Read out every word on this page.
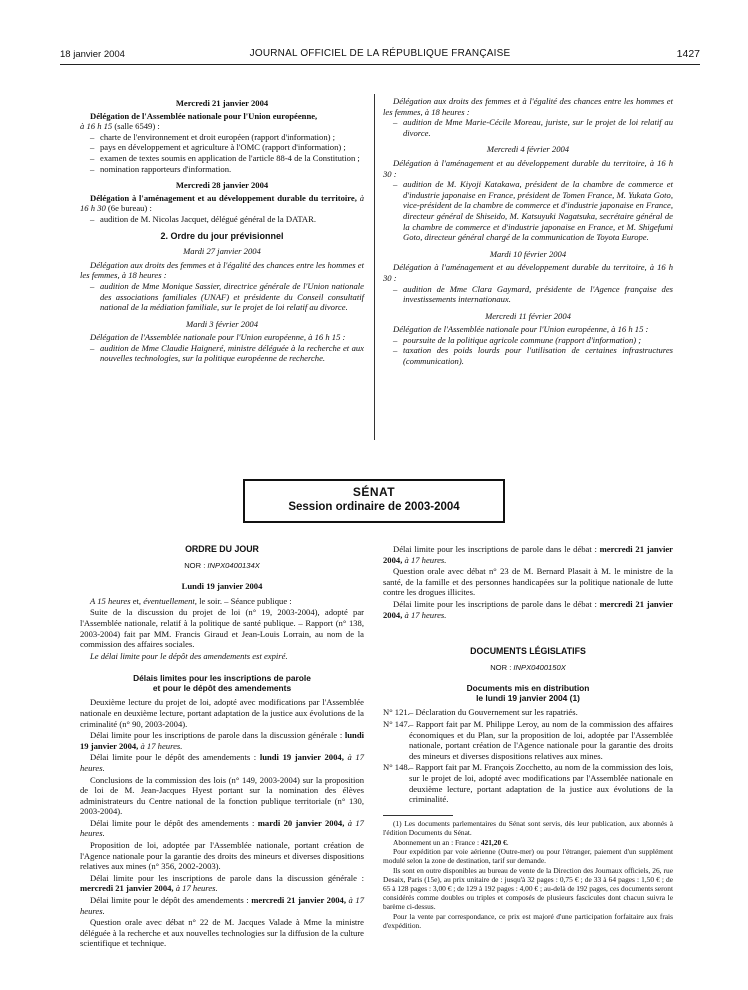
18 janvier 2004	JOURNAL OFFICIEL DE LA RÉPUBLIQUE FRANÇAISE	1427
Mercredi 21 janvier 2004
Délégation de l'Assemblée nationale pour l'Union européenne,
à 16 h 15 (salle 6549) :
– charte de l'environnement et droit européen (rapport d'information) ;
– pays en développement et agriculture à l'OMC (rapport d'information) ;
– examen de textes soumis en application de l'article 88-4 de la Constitution ;
– nomination rapporteurs d'information.
Mercredi 28 janvier 2004
Délégation à l'aménagement et au développement durable du territoire, à 16 h 30 (6e bureau) :
– audition de M. Nicolas Jacquet, délégué général de la DATAR.
2. Ordre du jour prévisionnel
Mardi 27 janvier 2004
Délégation aux droits des femmes et à l'égalité des chances entre les hommes et les femmes, à 18 heures :
– audition de Mme Monique Sassier, directrice générale de l'Union nationale des associations familiales (UNAF) et présidente du Conseil consultatif national de la médiation familiale, sur le projet de loi relatif au divorce.
Mardi 3 février 2004
Délégation de l'Assemblée nationale pour l'Union européenne, à 16 h 15 :
– audition de Mme Claudie Haigneré, ministre déléguée à la recherche et aux nouvelles technologies, sur la politique européenne de recherche.
Délégation aux droits des femmes et à l'égalité des chances entre les hommes et les femmes, à 18 heures :
– audition de Mme Marie-Cécile Moreau, juriste, sur le projet de loi relatif au divorce.
Mercredi 4 février 2004
Délégation à l'aménagement et au développement durable du territoire, à 16 h 30 :
– audition de M. Kiyoji Katakawa, président de la chambre de commerce et d'industrie japonaise en France, président de Tomen France, M. Yukata Goto, vice-président de la chambre de commerce et d'industrie japonaise en France, directeur général de Shiseido, M. Katsuyuki Nagatsuka, secrétaire général de la chambre de commerce et d'industrie japonaise en France, et M. Shigefumi Goto, directeur général chargé de la communication de Toyota Europe.
Mardi 10 février 2004
Délégation à l'aménagement et au développement durable du territoire, à 16 h 30 :
– audition de Mme Clara Gaymard, présidente de l'Agence française des investissements internationaux.
Mercredi 11 février 2004
Délégation de l'Assemblée nationale pour l'Union européenne, à 16 h 15 :
– poursuite de la politique agricole commune (rapport d'information) ;
– taxation des poids lourds pour l'utilisation de certaines infrastructures (communication).
SÉNAT
Session ordinaire de 2003-2004
ORDRE DU JOUR
NOR : INPX0400134X
Lundi 19 janvier 2004
A 15 heures et, éventuellement, le soir. – Séance publique :
Suite de la discussion du projet de loi (n° 19, 2003-2004), adopté par l'Assemblée nationale, relatif à la politique de santé publique. – Rapport (n° 138, 2003-2004) fait par MM. Francis Giraud et Jean-Louis Lorrain, au nom de la commission des affaires sociales.
Le délai limite pour le dépôt des amendements est expiré.
Délais limites pour les inscriptions de parole
et pour le dépôt des amendements
Deuxième lecture du projet de loi, adopté avec modifications par l'Assemblée nationale en deuxième lecture, portant adaptation de la justice aux évolutions de la criminalité (n° 90, 2003-2004).
Délai limite pour les inscriptions de parole dans la discussion générale : lundi 19 janvier 2004, à 17 heures.
Délai limite pour le dépôt des amendements : lundi 19 janvier 2004, à 17 heures.
Conclusions de la commission des lois (n° 149, 2003-2004) sur la proposition de loi de M. Jean-Jacques Hyest portant sur la nomination des élèves administrateurs du Centre national de la fonction publique territoriale (n° 130, 2003-2004).
Délai limite pour le dépôt des amendements : mardi 20 janvier 2004, à 17 heures.
Proposition de loi, adoptée par l'Assemblée nationale, portant création de l'Agence nationale pour la garantie des droits des mineurs et diverses dispositions relatives aux mines (n° 356, 2002-2003).
Délai limite pour les inscriptions de parole dans la discussion générale : mercredi 21 janvier 2004, à 17 heures.
Délai limite pour le dépôt des amendements : mercredi 21 janvier 2004, à 17 heures.
Question orale avec débat n° 22 de M. Jacques Valade à Mme la ministre déléguée à la recherche et aux nouvelles technologies sur la diffusion de la culture scientifique et technique.
Délai limite pour les inscriptions de parole dans le débat : mercredi 21 janvier 2004, à 17 heures.
Question orale avec débat n° 23 de M. Bernard Plasait à M. le ministre de la santé, de la famille et des personnes handicapées sur la politique nationale de lutte contre les drogues illicites.
Délai limite pour les inscriptions de parole dans le débat : mercredi 21 janvier 2004, à 17 heures.
DOCUMENTS LÉGISLATIFS
NOR : INPX0400150X
Documents mis en distribution
le lundi 19 janvier 2004 (1)
N° 121. – Déclaration du Gouvernement sur les rapatriés.
N° 147. – Rapport fait par M. Philippe Leroy, au nom de la commission des affaires économiques et du Plan, sur la proposition de loi, adoptée par l'Assemblée nationale, portant création de l'Agence nationale pour la garantie des droits des mineurs et diverses dispositions relatives aux mines.
N° 148. – Rapport fait par M. François Zocchetto, au nom de la commission des lois, sur le projet de loi, adopté avec modifications par l'Assemblée nationale en deuxième lecture, portant adaptation de la justice aux évolutions de la criminalité.
(1) Les documents parlementaires du Sénat sont servis, dès leur publication, aux abonnés à l'édition Documents du Sénat.
Abonnement un an : France : 421,20 €.
Pour expédition par voie aérienne (Outre-mer) ou pour l'étranger, paiement d'un supplément modulé selon la zone de destination, tarif sur demande.
Ils sont en outre disponibles au bureau de vente de la Direction des Journaux officiels, 26, rue Desaix, Paris (15e), au prix unitaire de : jusqu'à 32 pages : 0,75 € ; de 33 à 64 pages : 1,50 € ; de 65 à 128 pages : 3,00 € ; de 129 à 192 pages : 4,00 € ; au-delà de 192 pages, ces documents seront considérés comme doubles ou triples et composés de plusieurs fascicules dont chacun suivra le barème ci-dessus.
Pour la vente par correspondance, ce prix est majoré d'une participation forfaitaire aux frais d'expédition.
